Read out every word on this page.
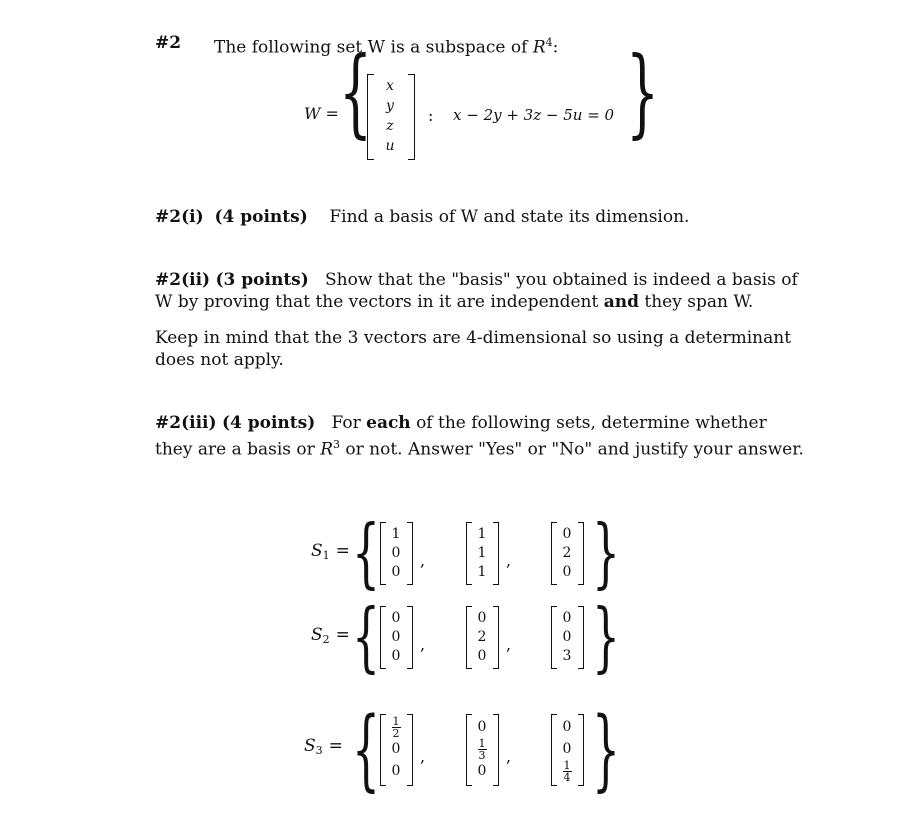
#2 The following set W is a subspace of $R^4$:
W = { x
y
z
u
: x − 2y + 3z − 5u = 0 }
#2(i) (4 points) Find a basis of W and state its dimension.
#2(ii) (3 points) Show that the "basis" you obtained is indeed a basis of W by proving that the vectors in it are independent and they span W.
Keep in mind that the 3 vectors are 4-dimensional so using a determinant does not apply.
#2(iii) (4 points) For each of the following sets, determine whether they are a basis or $R^3$ or not. Answer "Yes" or "No" and justify your answer.
$S_1$ = {	}
1
0
0
,
1
1
1
,
0
2
0
$S_2$ = {	}
0
0
0
,
0
2
0
,
0
0
3
$S_3$ = {	}
$\frac{1}{2}$
0
0
,
0
$\frac{1}{3}$
0
,
0
0
$\frac{1}{4}$
